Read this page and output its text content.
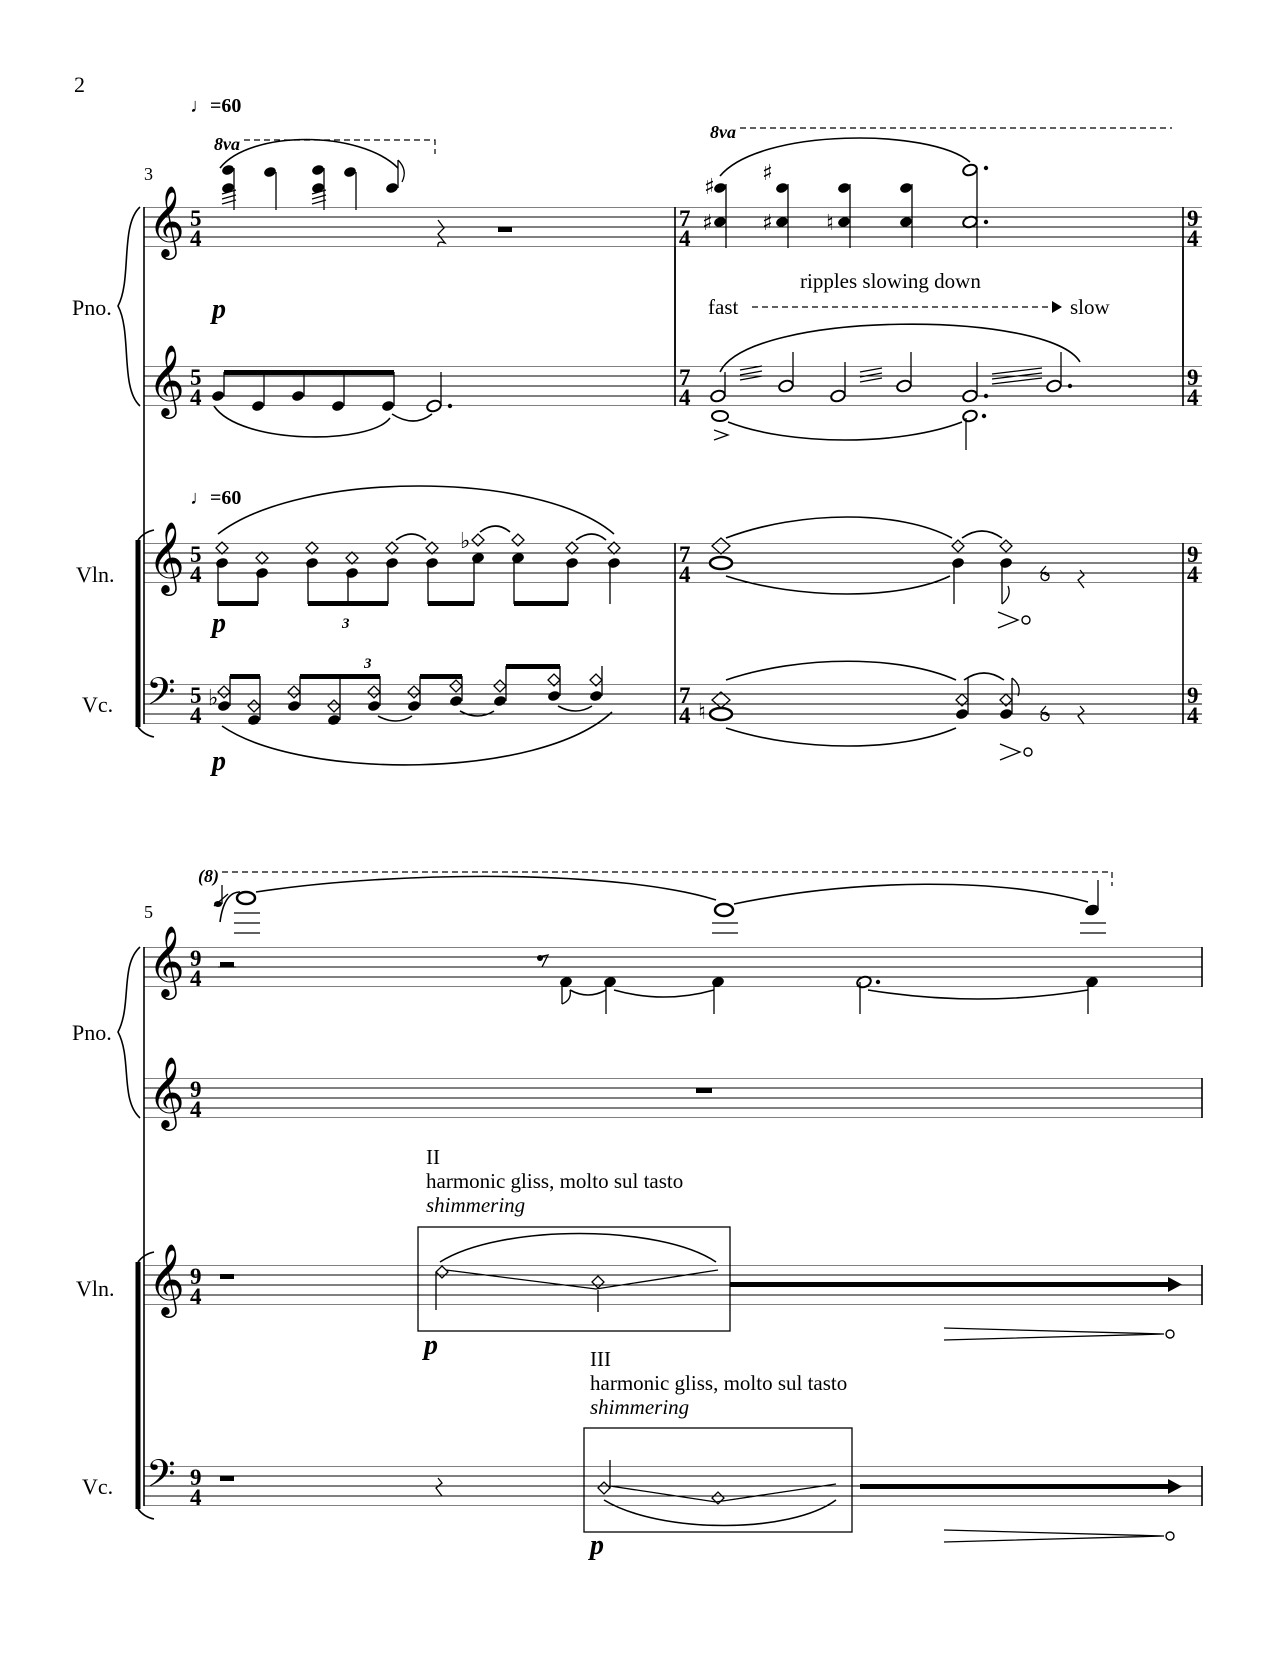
2
♩=60
♩=60
3
8va
8va
Pno.
Vln.
Vc.
𝄞
𝄞
𝄞
𝄢
5
4
5
4
5
4
5
4
7
4
7
4
7
4
7
4
9
4
9
4
9
4
9
4
p
♯
♯
♯
♯
♮
ripples slowing down
fast	slow
♭
3
p
♭
3
p
♮
5
(8)
Pno.
Vln.
Vc.
𝄞
𝄞
𝄞
𝄢
9
4
9
4
9
4
9
4
II
harmonic gliss, molto sul tasto
shimmering
p	III
harmonic gliss, molto sul tasto
shimmering
p
